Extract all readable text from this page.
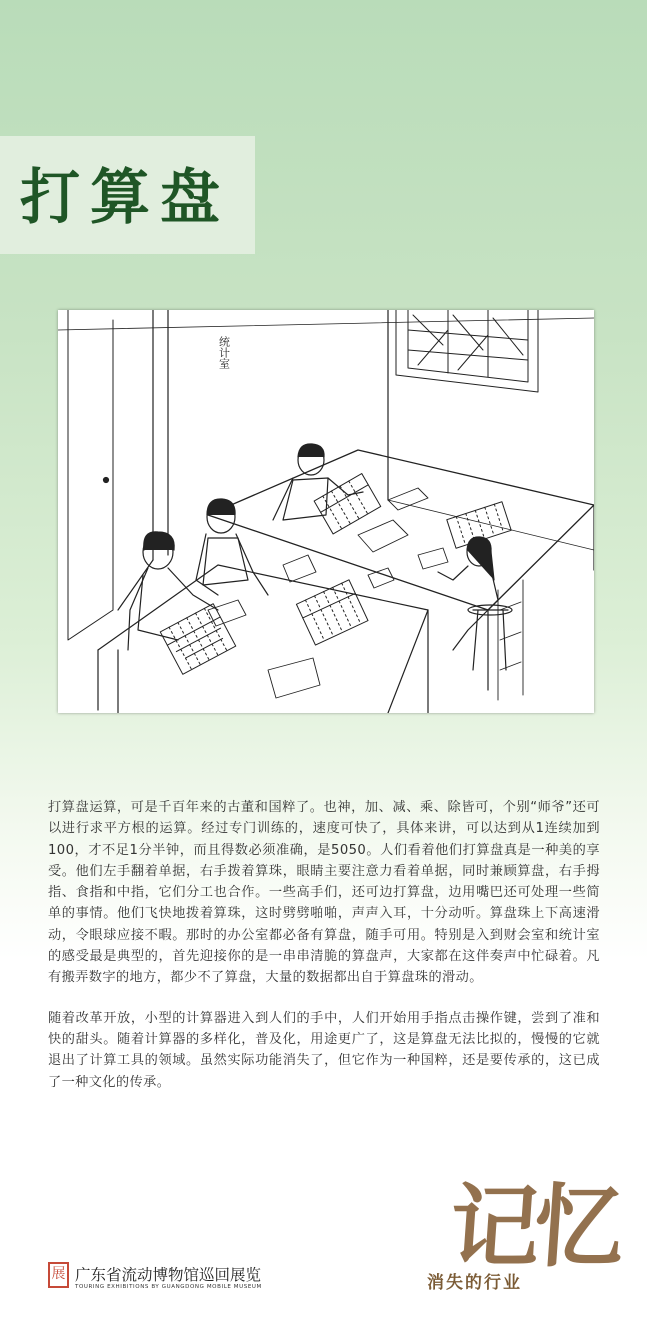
打算盘
统计室

打算盘运算，可是千百年来的古董和国粹了。也神，加、减、乘、除皆可，个别“师爷”还可以进行求平方根的运算。经过专门训练的，速度可快了，具体来讲，可以达到从1连续加到100，才不足1分半钟，而且得数必须准确，是5050。人们看着他们打算盘真是一种美的享受。他们左手翻着单据，右手拨着算珠，眼睛主要注意力看着单据，同时兼顾算盘，右手拇指、食指和中指，它们分工也合作。一些高手们，还可边打算盘，边用嘴巴还可处理一些简单的事情。他们飞快地拨着算珠，这时劈劈啪啪，声声入耳，十分动听。算盘珠上下高速滑动，令眼球应接不暇。那时的办公室都必备有算盘，随手可用。特别是入到财会室和统计室的感受最是典型的，首先迎接你的是一串串清脆的算盘声，大家都在这伴奏声中忙碌着。凡有搬弄数字的地方，都少不了算盘，大量的数据都出自于算盘珠的滑动。

随着改革开放，小型的计算器进入到人们的手中，人们开始用手指点击操作键，尝到了准和快的甜头。随着计算器的多样化，普及化，用途更广了，这是算盘无法比拟的，慢慢的它就退出了计算工具的领域。虽然实际功能消失了，但它作为一种国粹，还是要传承的，这已成了一种文化的传承。

展 广东省流动博物馆巡回展览
TOURING EXHIBITIONS BY GUANGDONG MOBILE MUSEUM
记忆
消失的行业
